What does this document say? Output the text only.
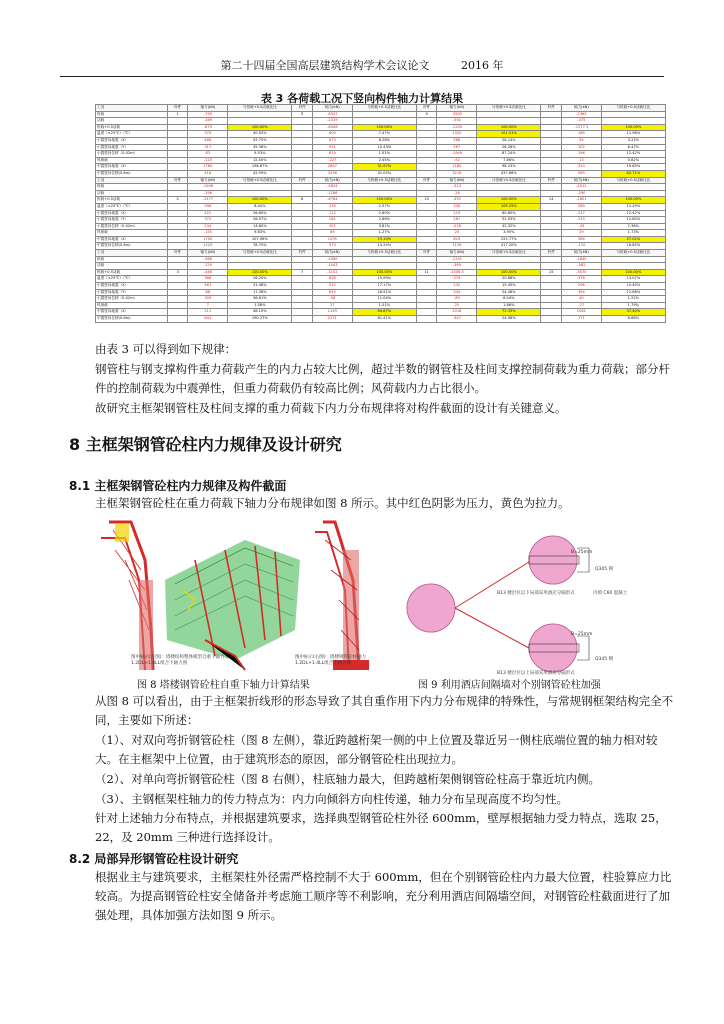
第二十四届全国高层建筑结构学术会议论文	2016 年
表 3 各荷载工况下竖向构件轴力计算结果
工况	杆件	轴力(kN)	与恒载+0.5活载比比	杆件	轴力(kN)	与恒载+0.5活载比比	杆件	轴力(kN)	与恒载+0.5活载比比	杆件	轴力(kN)	与恒载+0.5活载比比
恒载	1	-790		5	-6347		9	-3505			-2365	
活载		-169			-2319			-592			-475	
恒载+0.5活载		-873	100.00%		-8406	100.00%		-1200	100.00%		-1277.3	100.00%
温度（±25℃）（℃）		370	40.55%		609	7.47%		1320	101.51%		189	11.98%
小震竖向地震（X）		468	52.75%		873	8.28%		588	28.14%		54	3.22%
小震竖向地震（Y）		317	35.36%		931	10.43%		567	26.28%		102	6.47%
小震竖向位移（0.02m）		83	9.53%		619	1.01%		-1949	87.24%		196	12.42%
风荷载		-120	12.50%		-227	2.45%		-92	7.66%		13	0.82%
中震竖向地震（X）		1760	196.87%		2687	31.97%		1180	98.23%		310	19.69%
中震竖向位移(0.6m)		418	42.59%		3256	31.05%		3216	437.86%		989	62.71%
工况	杆件	轴力(kN)	与恒载+0.5活载比比	杆件	轴力(kN)	与恒载+0.5活载比比	杆件	轴力(kN)	与恒载+0.5活载比比	杆件	轴力(kN)	与恒载+0.5活载比比
恒载		-1006			-5824			-323			-2012	
活载		-396			-1186			-26			-290	
恒载+0.5活载	2	-1577	100.00%	6	-6784	100.00%	10	-352	100.00%	14	-1801	100.00%
温度（±25℃）（℃）		596	8.44%		139	2.57%		330	105.25%		289	11.29%
小震竖向地震（X）		422	26.80%		112	2.60%		219	60.60%		227	12.42%
小震竖向地震（Y）		372	26.97%		181	2.66%		287	52.55%		233	12.80%
小震竖向位移（0.02m）		234	14.85%		301	3.81%		-228	42.32%		-43	2.36%
风荷载		-155	9.83%		89	1.27%		20	3.95%		29	1.73%
中震竖向地震（X）		1700	107.96%		1295	19.10%		819	225.77%		584	47.02%
中震竖向位移(0.6m)		1229	78.70%		973	14.24%		1116	417.20%		-110	16.85%
工况	杆件	轴力(kN)	与恒载+0.5活载比比	杆件	轴力(kN)	与恒载+0.5活载比比	杆件	轴力(kN)	与恒载+0.5活载比比	杆件	轴力(kN)	与恒载+0.5活载比比
恒载		-366			-2580			-1291			-2840	
活载		-129			-1043			-369			-562	
恒载+0.5活载	3	-446	100.00%	7	-3102	100.00%	11	-1506.5	100.00%	15	-3070	100.00%
温度（±25℃）（℃）		366	26.20%		628	15.99%		374	20.88%		376	13.07%
小震竖向地震（X）		461	31.48%		512	17.17%		232	15.45%		296	10.40%
小震竖向地震（Y）		68	17.38%		655	16.91%		343	24.46%		394	12.66%
小震竖向位移（0.02m）		309	36.81%		-56	11.04%		-89	6.04%		40	1.22%
风荷载		7	1.58%		37	1.01%		25	1.86%		-27	1.79%
中震竖向地震（X）		211	48.10%		2149	64.67%		1018	72.33%		1061	37.40%
中震竖向位移(0.6m)		841	190.27%		2271	61.41%		-347	24.36%		171	6.66%

由表 3 可以得到如下规律：

钢管柱与钢支撑构件重力荷载产生的内力占较大比例，超过半数的钢管柱及柱间支撑控制荷载为重力荷载；部分杆件的控制荷载为中震弹性，但重力荷载仍有较高比例；风荷载内力占比很小。

故研究主框架钢管柱及柱间支撑的重力荷载下内力分布规律将对构件截面的设计有关键意义。

8 主框架钢管砼柱内力规律及设计研究
8.1 主框架钢管砼柱内力规律及构件截面

主框架钢管砼柱在重力荷载下轴力分布规律如图 8 所示。其中红色阴影为压力，黄色为拉力。

图中标示(左图)：塔楼结构整体模型自重下轴力分布 1.2DL+1.4LL组合下轴力图
图中标示(右图)：塔楼钢管砼柱轴力 1.2DL+1.4LL组合下轴力图
B=25mm
Q345 钢
B13 楼层位以下局部采用酒店分隔形式	内填 C60 混凝土
B=25mm
Q345 钢
B13 楼层位以上局部采用酒店分隔形式
图 8 塔楼钢管砼柱自重下轴力计算结果	图 9 利用酒店间隔墙对个别钢管砼柱加强

从图 8 可以看出，由于主框架折线形的形态导致了其自重作用下内力分布规律的特殊性，与常规钢框架结构完全不同，主要如下所述：

（1）、对双向弯折钢管砼柱（图 8 左侧），靠近跨越桁架一侧的中上位置及靠近另一侧柱底端位置的轴力相对较大。在主框架中上位置，由于建筑形态的原因，部分钢管砼柱出现拉力。

（2）、对单向弯折钢管砼柱（图 8 右侧），柱底轴力最大，但跨越桁架侧钢管砼柱高于靠近坑内侧。

（3）、主钢框架柱轴力的传力特点为：内力向倾斜方向柱传递，轴力分布呈现高度不均匀性。

针对上述轴力分布特点，并根据建筑要求，选择典型钢管砼柱外径 600mm，壁厚根据轴力受力特点，选取 25，22，及 20mm 三种进行选择设计。

8.2 局部异形钢管砼柱设计研究

根据业主与建筑要求，主框架柱外径需严格控制不大于 600mm，但在个别钢管砼柱内力最大位置，柱验算应力比较高。为提高钢管砼柱安全储备并考虑施工顺序等不利影响，充分利用酒店间隔墙空间，对钢管砼柱截面进行了加强处理，具体加强方法如图 9 所示。
